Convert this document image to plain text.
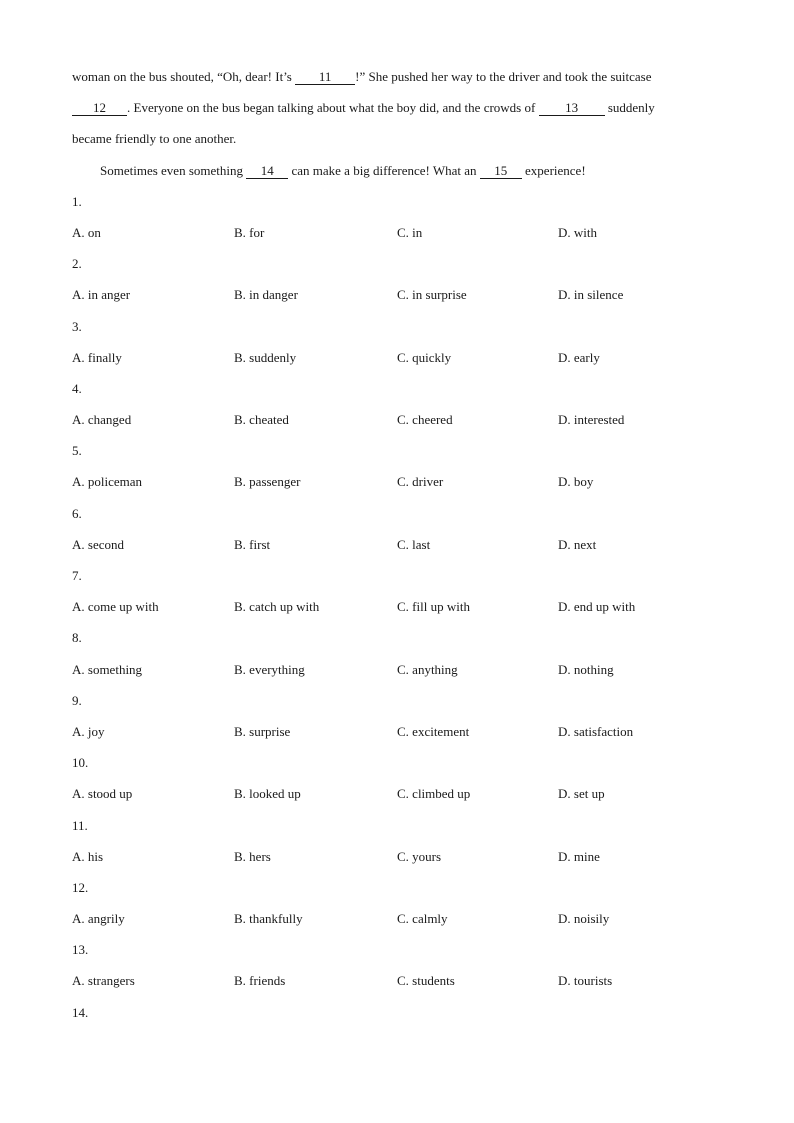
woman on the bus shouted, “Oh, dear! It’s 11 !” She pushed her way to the driver and took the suitcase
12 . Everyone on the bus began talking about what the boy did, and the crowds of 13 suddenly
became friendly to one another.
Sometimes even something 14 can make a big difference! What an 15 experience!
1.
A. on	B. for	C. in	D. with
2.
A. in anger	B. in danger	C. in surprise	D. in silence
3.
A. finally	B. suddenly	C. quickly	D. early
4.
A. changed	B. cheated	C. cheered	D. interested
5.
A. policeman	B. passenger	C. driver	D. boy
6.
A. second	B. first	C. last	D. next
7.
A. come up with	B. catch up with	C. fill up with	D. end up with
8.
A. something	B. everything	C. anything	D. nothing
9.
A. joy	B. surprise	C. excitement	D. satisfaction
10.
A. stood up	B. looked up	C. climbed up	D. set up
11.
A. his	B. hers	C. yours	D. mine
12.
A. angrily	B. thankfully	C. calmly	D. noisily
13.
A. strangers	B. friends	C. students	D. tourists
14.
